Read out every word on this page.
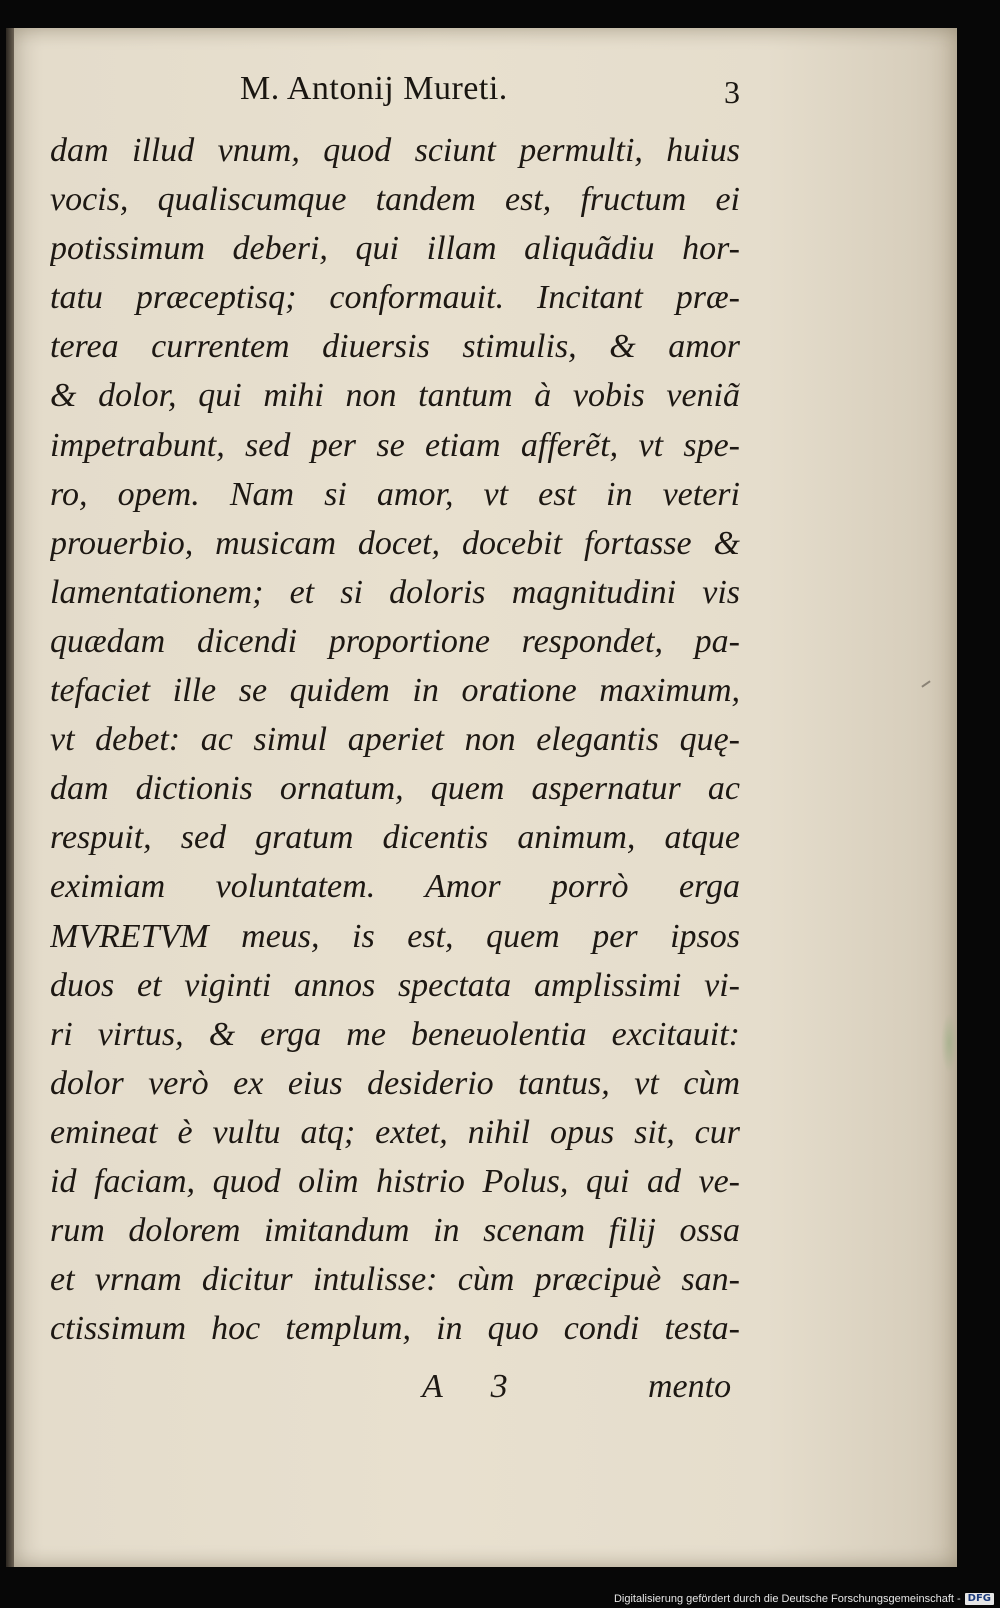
M. Antonij Mureti.	3
dam illud vnum, quod sciunt permulti, huius
vocis, qualiscumque tandem est, fructum ei
potissimum deberi, qui illam aliquãdiu hor-
tatu præceptisq; conformauit. Incitant præ-
terea currentem diuersis stimulis, & amor
& dolor, qui mihi non tantum à vobis veniã
impetrabunt, sed per se etiam afferẽt, vt spe-
ro, opem. Nam si amor, vt est in veteri
prouerbio, musicam docet, docebit fortasse &
lamentationem; et si doloris magnitudini vis
quædam dicendi proportione respondet, pa-
tefaciet ille se quidem in oratione maximum,
vt debet: ac simul aperiet non elegantis quę-
dam dictionis ornatum, quem aspernatur ac
respuit, sed gratum dicentis animum, atque
eximiam voluntatem. Amor porrò erga
MVRETVM meus, is est, quem per ipsos
duos et viginti annos spectata amplissimi vi-
ri virtus, & erga me beneuolentia excitauit:
dolor verò ex eius desiderio tantus, vt cùm
emineat è vultu atq; extet, nihil opus sit, cur
id faciam, quod olim histrio Polus, qui ad ve-
rum dolorem imitandum in scenam filij ossa
et vrnam dicitur intulisse: cùm præcipuè san-
ctissimum hoc templum, in quo condi testa-
A 3	mento
Digitalisierung gefördert durch die Deutsche Forschungsgemeinschaft - DFG
